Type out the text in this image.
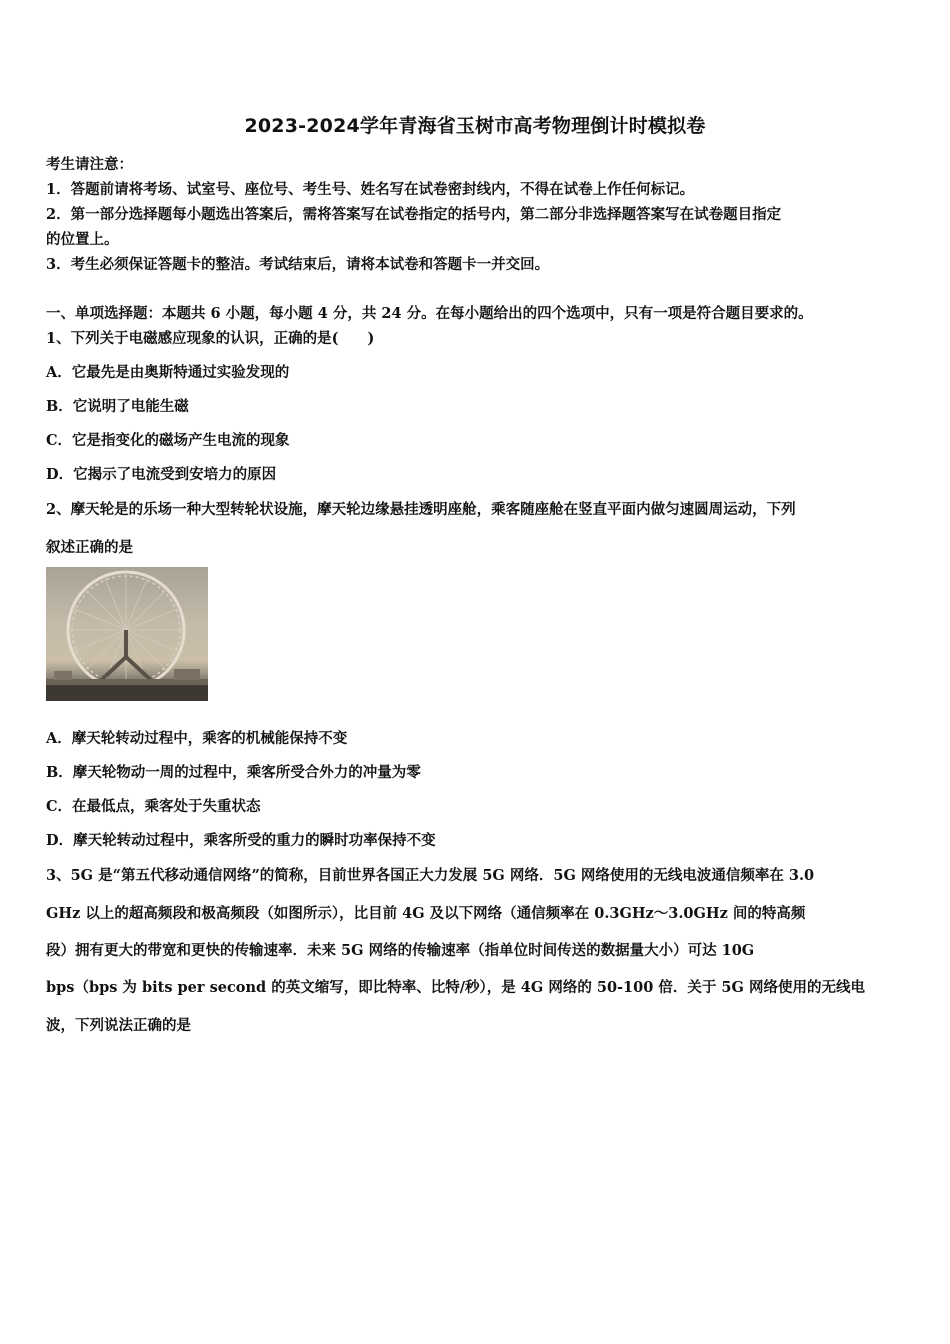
2023-2024学年青海省玉树市高考物理倒计时模拟卷
考生请注意：
1．答题前请将考场、试室号、座位号、考生号、姓名写在试卷密封线内，不得在试卷上作任何标记。
2．第一部分选择题每小题选出答案后，需将答案写在试卷指定的括号内，第二部分非选择题答案写在试卷题目指定
的位置上。
3．考生必须保证答题卡的整洁。考试结束后，请将本试卷和答题卡一并交回。
一、单项选择题：本题共 6 小题，每小题 4 分，共 24 分。在每小题给出的四个选项中，只有一项是符合题目要求的。
1、下列关于电磁感应现象的认识，正确的是(　　)
A．它最先是由奥斯特通过实验发现的
B．它说明了电能生磁
C．它是指变化的磁场产生电流的现象
D．它揭示了电流受到安培力的原因
2、摩天轮是的乐场一种大型转轮状设施，摩天轮边缘悬挂透明座舱，乘客随座舱在竖直平面内做匀速圆周运动，下列
叙述正确的是
A．摩天轮转动过程中，乘客的机械能保持不变
B．摩天轮物动一周的过程中，乘客所受合外力的冲量为零
C．在最低点，乘客处于失重状态
D．摩天轮转动过程中，乘客所受的重力的瞬时功率保持不变
3、5G 是“第五代移动通信网络”的简称，目前世界各国正大力发展 5G 网络．5G 网络使用的无线电波通信频率在 3.0
GHz 以上的超高频段和极高频段（如图所示），比目前 4G 及以下网络（通信频率在 0.3GHz～3.0GHz 间的特高频
段）拥有更大的带宽和更快的传输速率．未来 5G 网络的传输速率（指单位时间传送的数据量大小）可达 10G
bps（bps 为 bits per second 的英文缩写，即比特率、比特/秒），是 4G 网络的 50-100 倍．关于 5G 网络使用的无线电
波，下列说法正确的是
